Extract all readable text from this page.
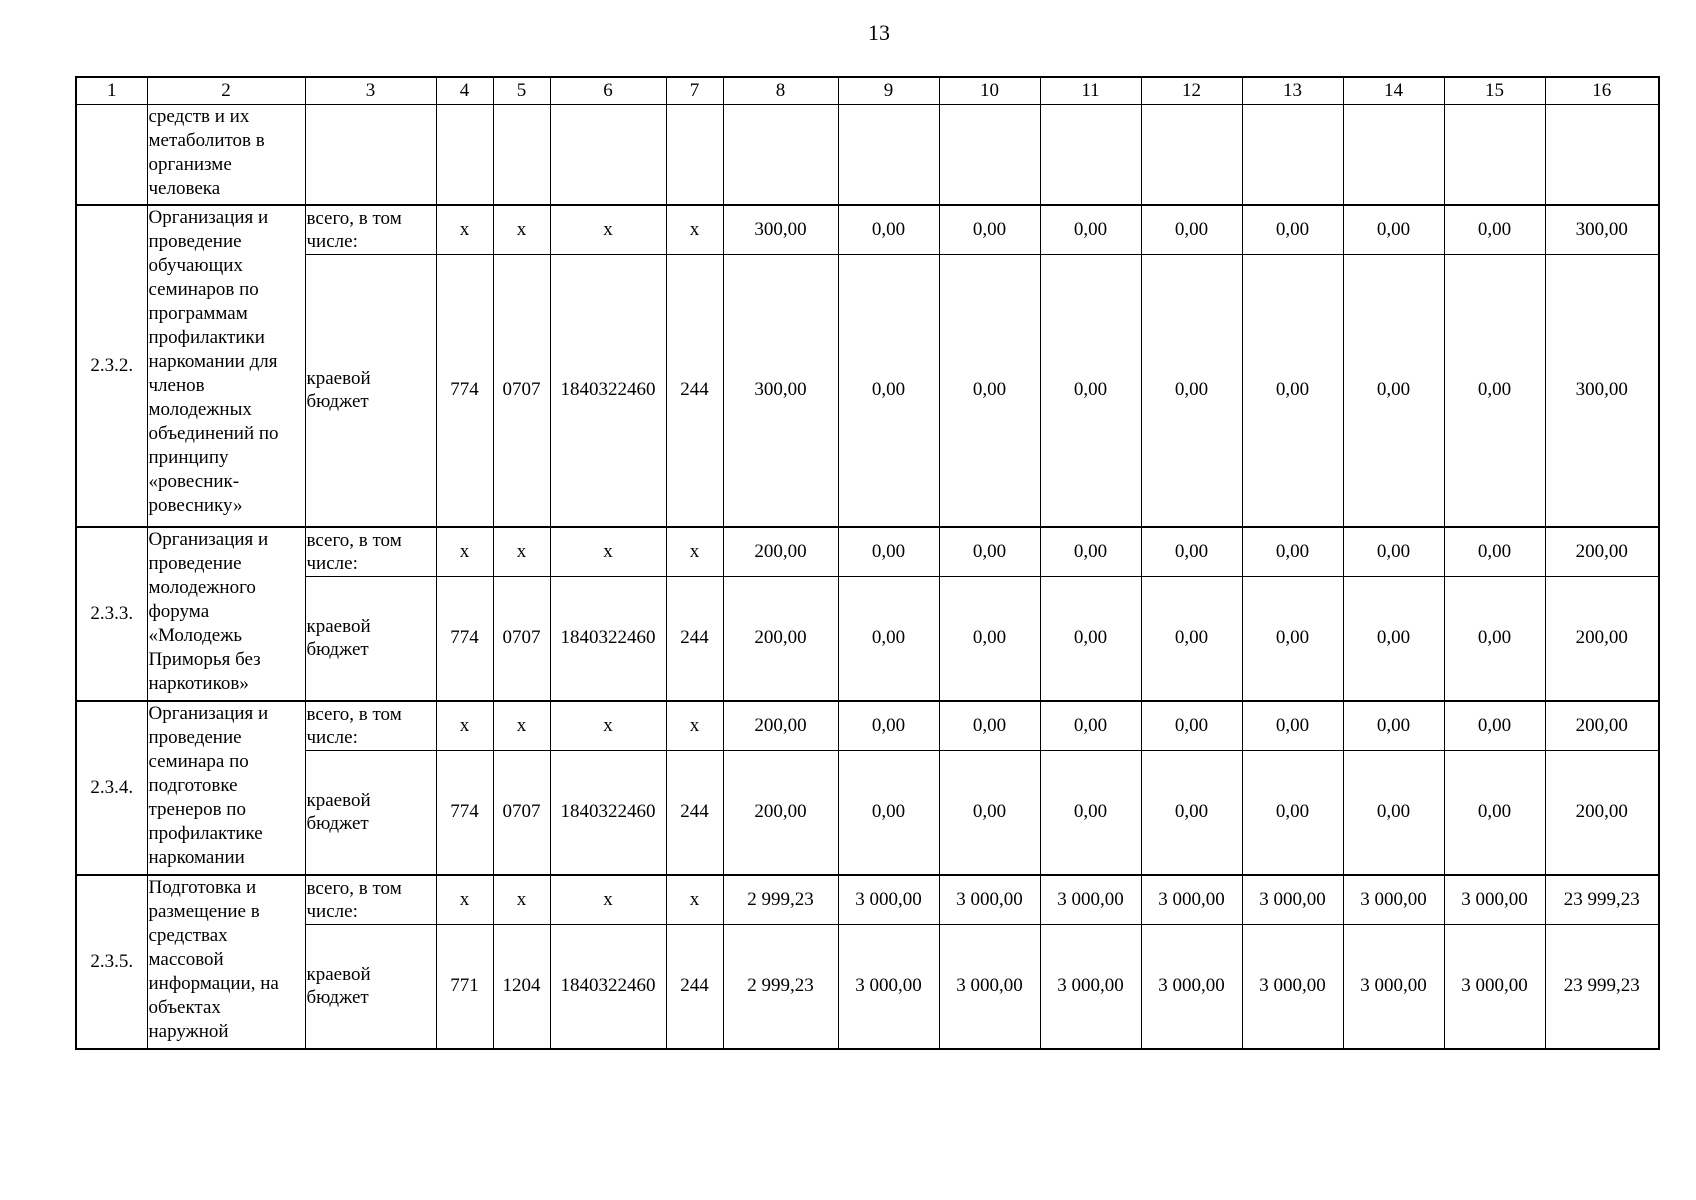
13
1	2	3	4	5	6	7	8	9	10	11	12	13	14	15	16
	средств и их метаболитов в организме человека														
2.3.2.	Организация и проведение обучающих семинаров по программам профилактики наркомании для членов молодежных объединений по принципу «ровесник-ровеснику»	всего, в том числе:	x	x	x	x	300,00	0,00	0,00	0,00	0,00	0,00	0,00	0,00	300,00
		краевой бюджет	774	0707	1840322460	244	300,00	0,00	0,00	0,00	0,00	0,00	0,00	0,00	300,00
2.3.3.	Организация и проведение молодежного форума «Молодежь Приморья без наркотиков»	всего, в том числе:	x	x	x	x	200,00	0,00	0,00	0,00	0,00	0,00	0,00	0,00	200,00
		краевой бюджет	774	0707	1840322460	244	200,00	0,00	0,00	0,00	0,00	0,00	0,00	0,00	200,00
2.3.4.	Организация и проведение семинара по подготовке тренеров по профилактике наркомании	всего, в том числе:	x	x	x	x	200,00	0,00	0,00	0,00	0,00	0,00	0,00	0,00	200,00
		краевой бюджет	774	0707	1840322460	244	200,00	0,00	0,00	0,00	0,00	0,00	0,00	0,00	200,00
2.3.5.	Подготовка и размещение в средствах массовой информации, на объектах наружной	всего, в том числе:	x	x	x	x	2 999,23	3 000,00	3 000,00	3 000,00	3 000,00	3 000,00	3 000,00	3 000,00	23 999,23
		краевой бюджет	771	1204	1840322460	244	2 999,23	3 000,00	3 000,00	3 000,00	3 000,00	3 000,00	3 000,00	3 000,00	23 999,23
